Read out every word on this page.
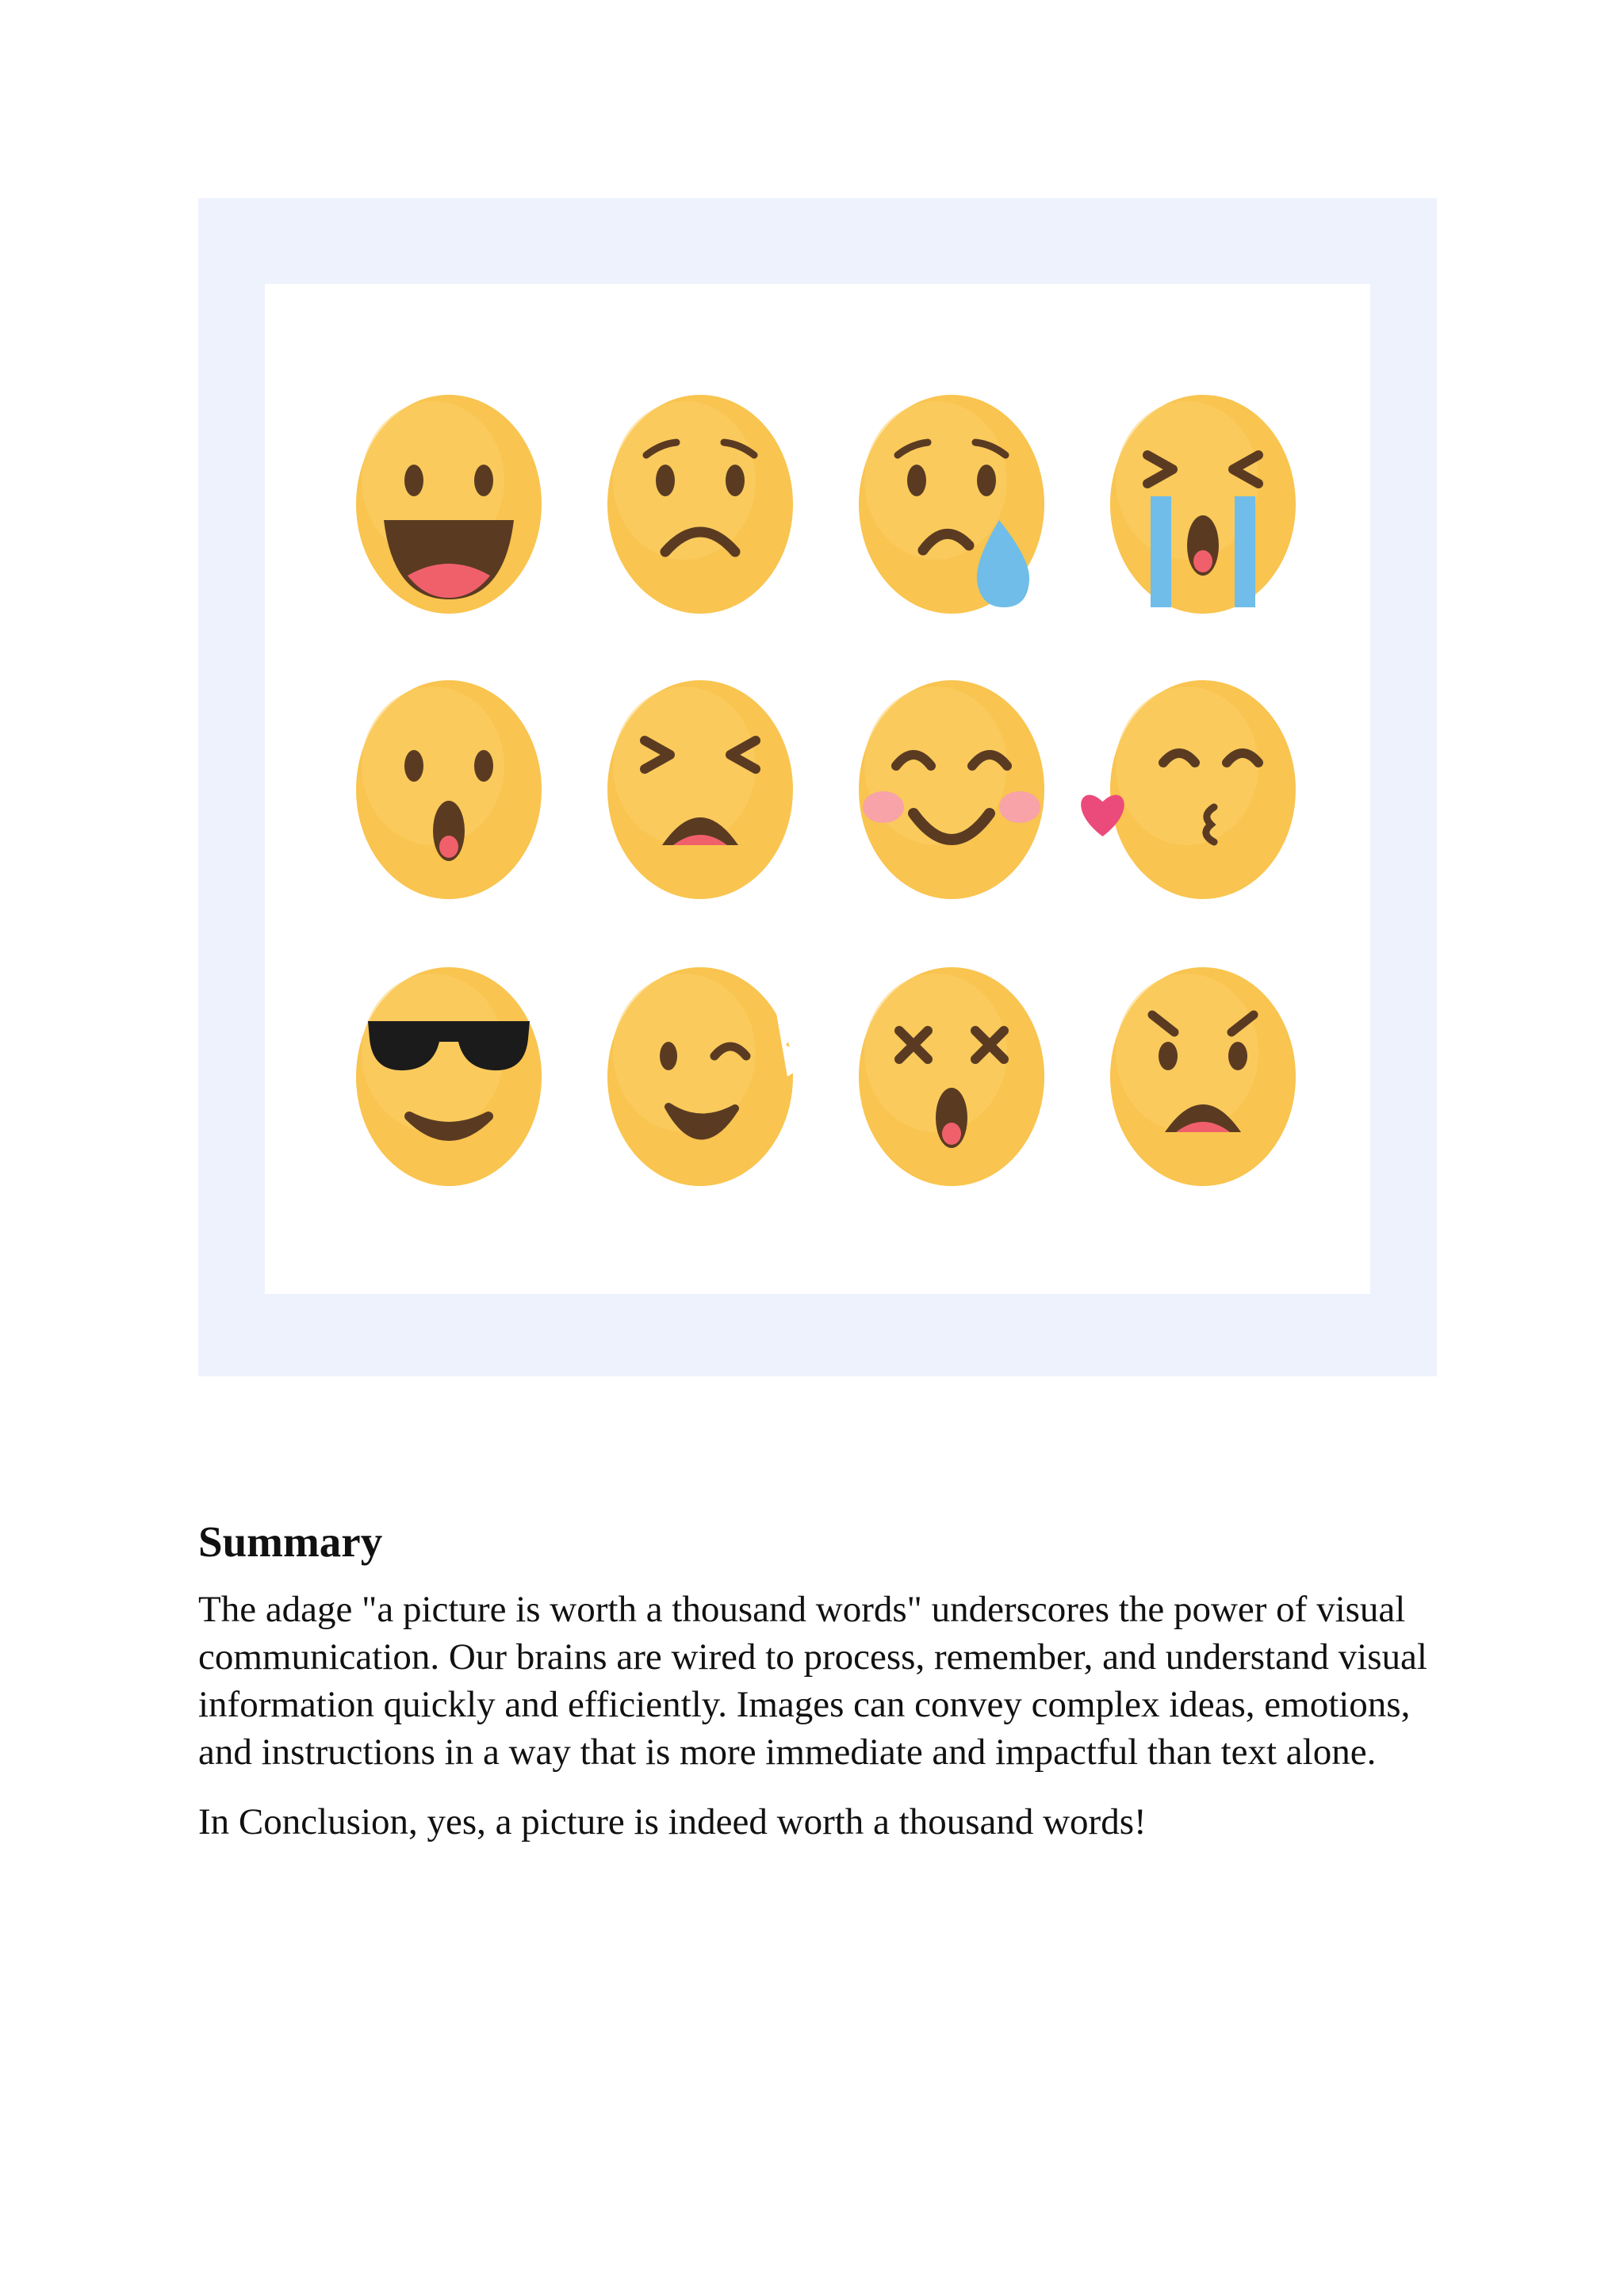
Summary

The adage "a picture is worth a thousand words" underscores the power of visual communication. Our brains are wired to process, remember, and understand visual information quickly and efficiently. Images can convey complex ideas, emotions, and instructions in a way that is more immediate and impactful than text alone.

In Conclusion, yes, a picture is indeed worth a thousand words!
